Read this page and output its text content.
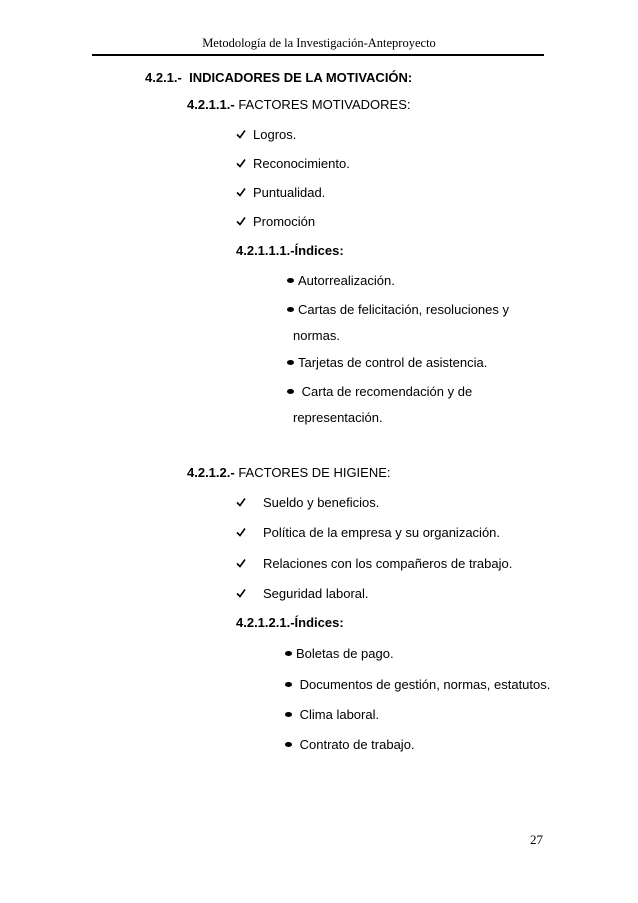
Metodología de la Investigación-Anteproyecto
4.2.1.- INDICADORES DE LA MOTIVACIÓN:
4.2.1.1.- FACTORES MOTIVADORES:
Logros.
Reconocimiento.
Puntualidad.
Promoción
4.2.1.1.1.-Índices:
Autorrealización.
Cartas de felicitación, resoluciones y
normas.
Tarjetas de control de asistencia.
Carta de recomendación y de
representación.
4.2.1.2.- FACTORES DE HIGIENE:
Sueldo y beneficios.
Política de la empresa y su organización.
Relaciones con los compañeros de trabajo.
Seguridad laboral.
4.2.1.2.1.-Índices:
Boletas de pago.
Documentos de gestión, normas, estatutos.
Clima laboral.
Contrato de trabajo.
27
